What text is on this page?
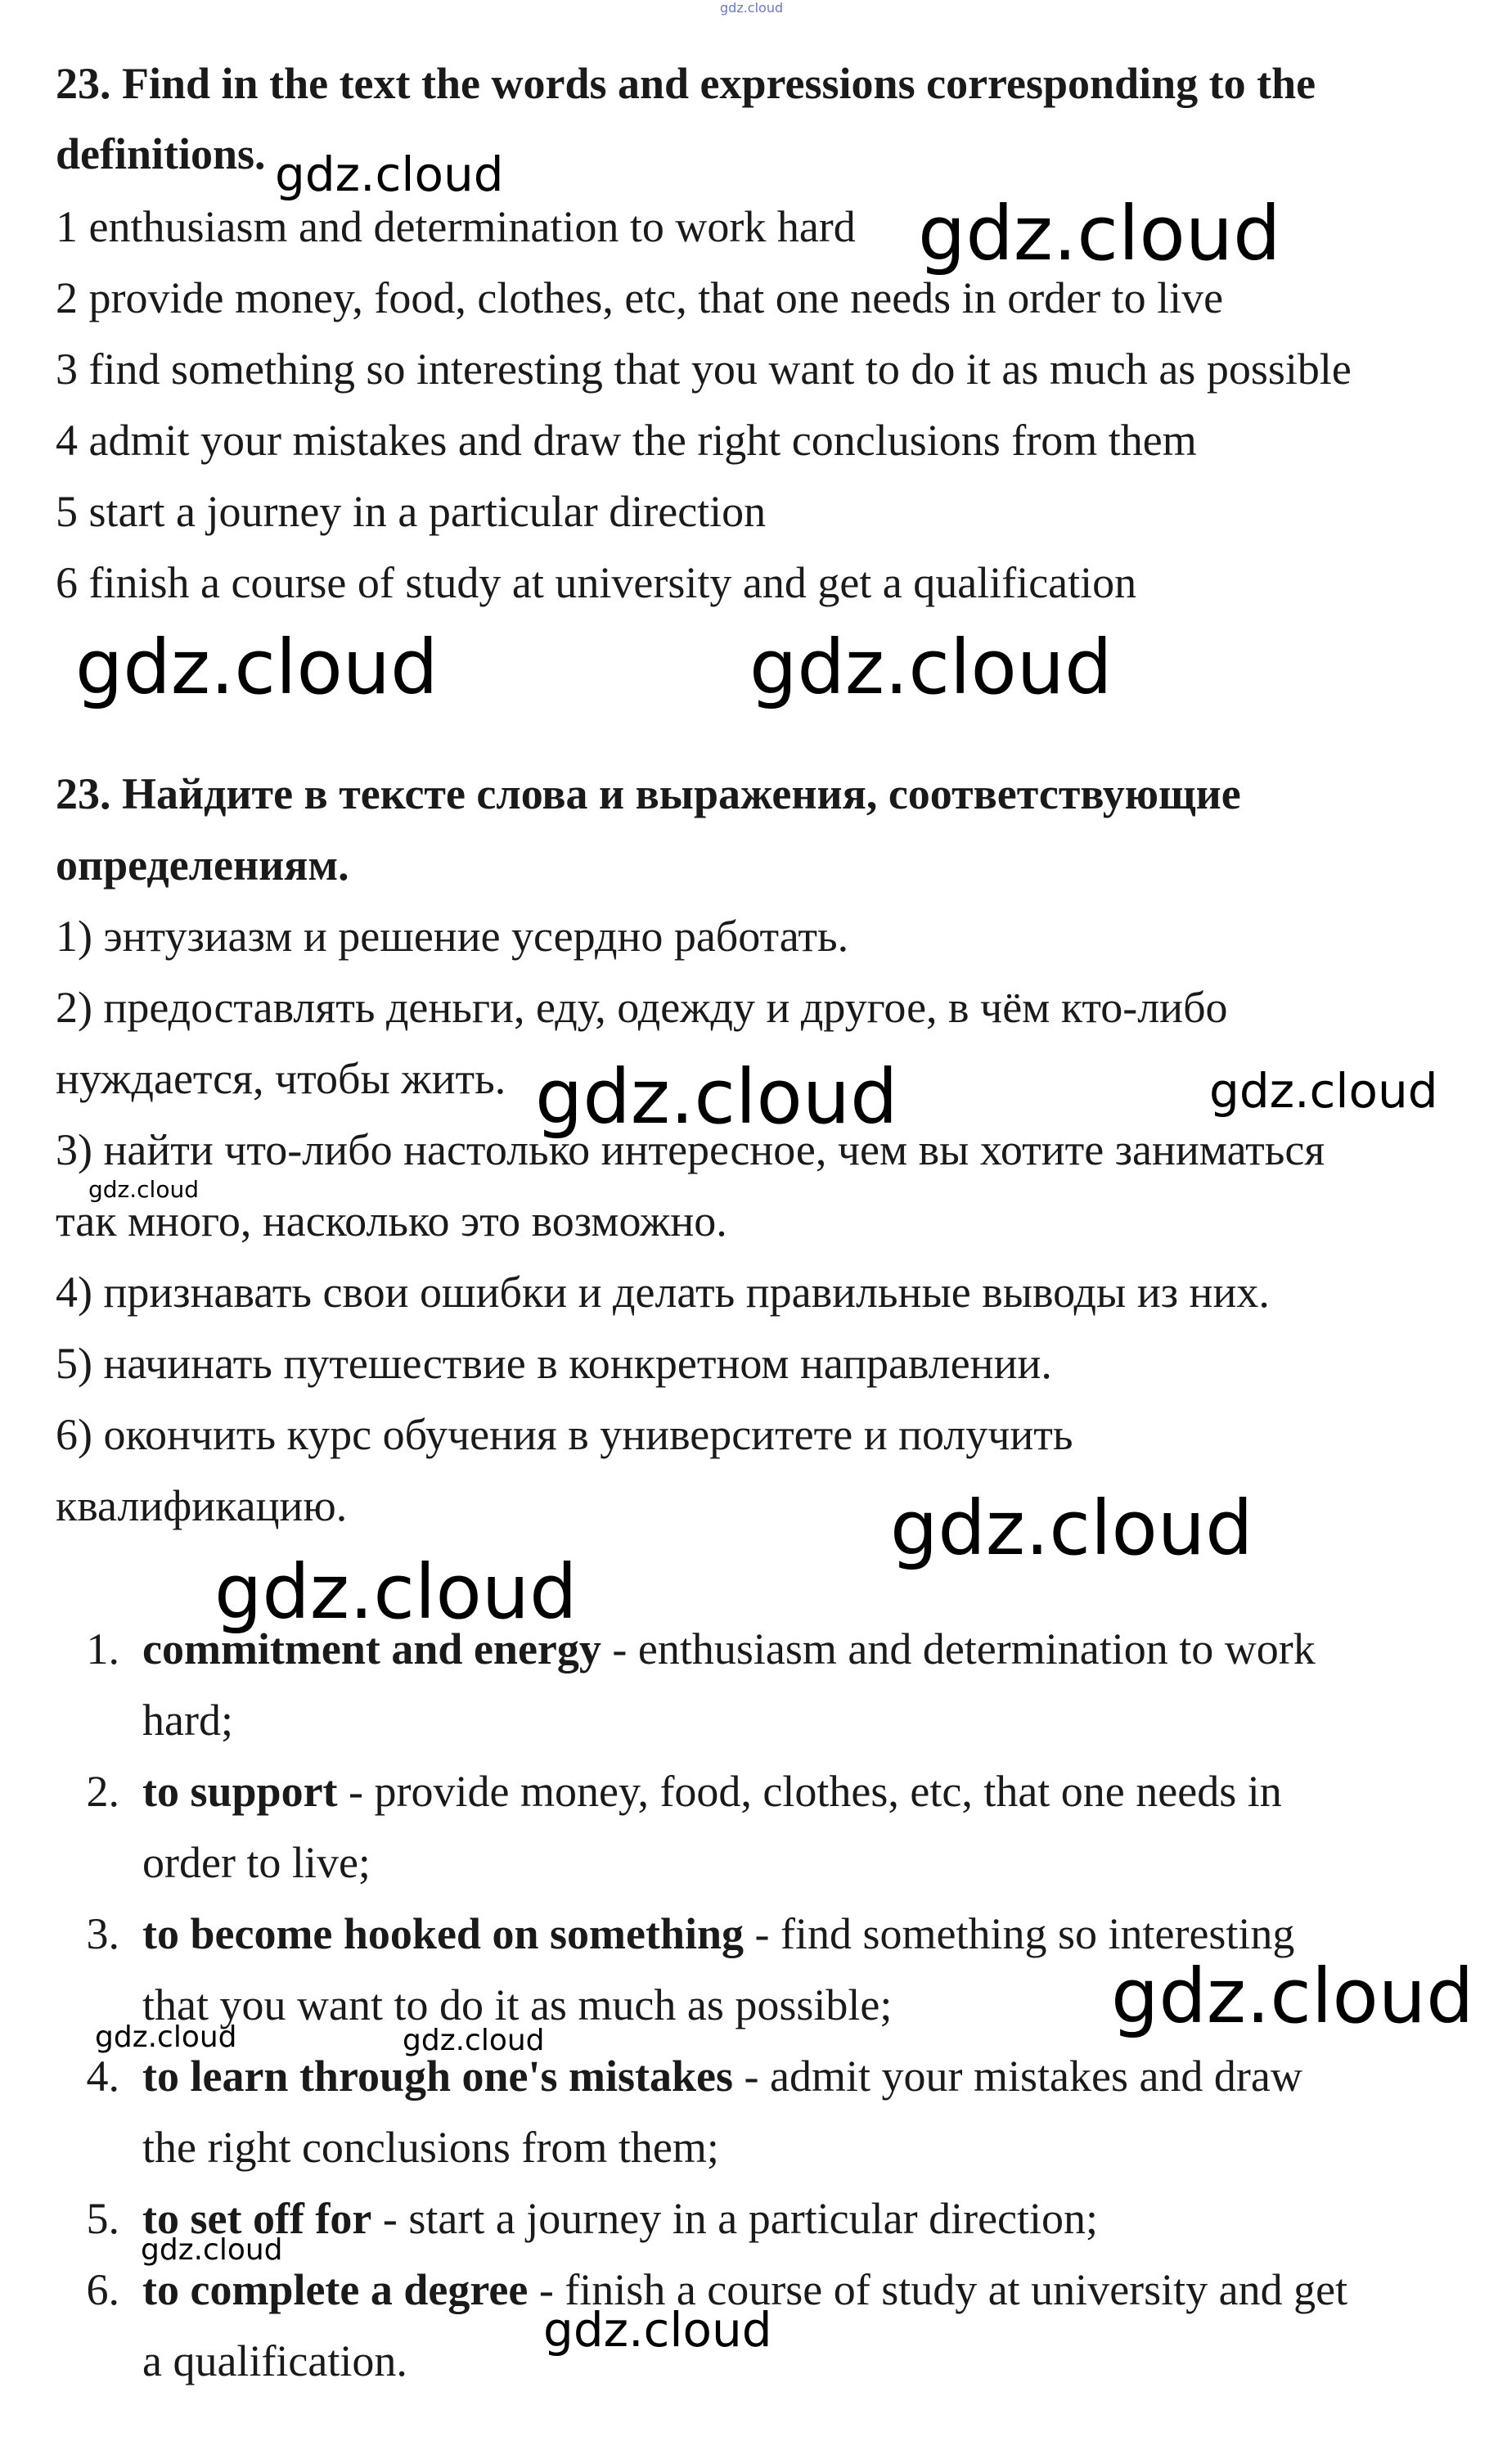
gdz.cloud
23. Find in the text the words and expressions corresponding to the
definitions.
1 enthusiasm and determination to work hard
2 provide money, food, clothes, etc, that one needs in order to live
3 find something so interesting that you want to do it as much as possible
4 admit your mistakes and draw the right conclusions from them
5 start a journey in a particular direction
6 finish a course of study at university and get a qualification
23. Найдите в тексте слова и выражения, соответствующие
определениям.
1) энтузиазм и решение усердно работать.
2) предоставлять деньги, еду, одежду и другое, в чём кто-либо
нуждается, чтобы жить.
3) найти что-либо настолько интересное, чем вы хотите заниматься
так много, насколько это возможно.
4) признавать свои ошибки и делать правильные выводы из них.
5) начинать путешествие в конкретном направлении.
6) окончить курс обучения в университете и получить
квалификацию.
1. commitment and energy - enthusiasm and determination to work
hard;
2. to support - provide money, food, clothes, etc, that one needs in
order to live;
3. to become hooked on something - find something so interesting
that you want to do it as much as possible;
4. to learn through one's mistakes - admit your mistakes and draw
the right conclusions from them;
5. to set off for - start a journey in a particular direction;
6. to complete a degree - finish a course of study at university and get
a qualification.
gdz.cloud
gdz.cloud
gdz.cloud	gdz.cloud
gdz.cloud	gdz.cloud
gdz.cloud
gdz.cloud
gdz.cloud
gdz.cloud
gdz.cloud	gdz.cloud
gdz.cloud
gdz.cloud
